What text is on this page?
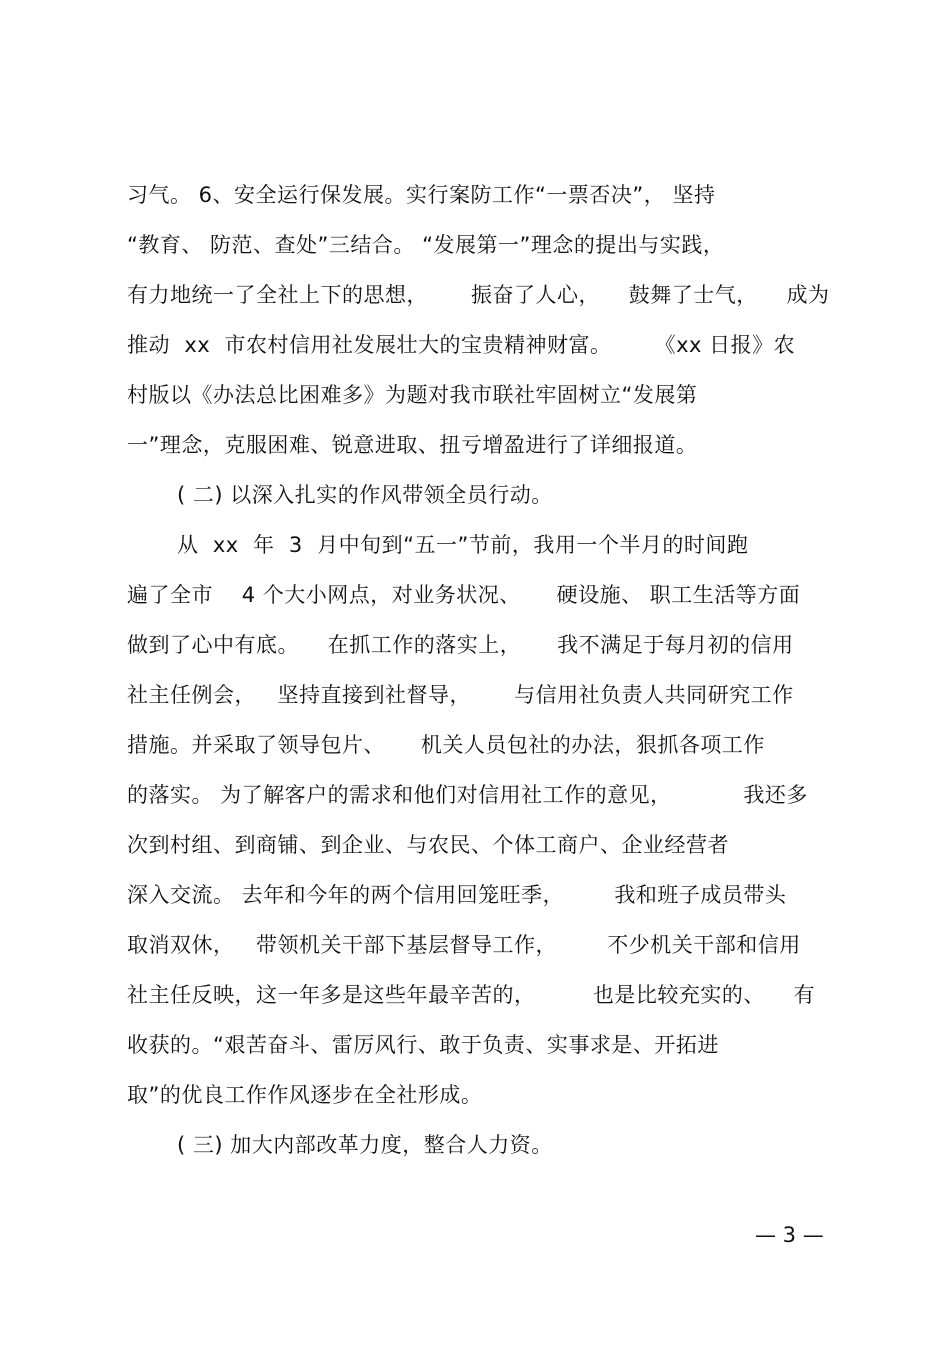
习气。 6、安全运行保发展。实行案防工作“一票否决”， 坚持
“教育、 防范、查处”三结合。 “发展第一”理念的提出与实践，
有力地统一了全社上下的思想，      振奋了人心，    鼓舞了士气，    成为
推动  xx  市农村信用社发展壮大的宝贵精神财富。      《xx 日报》农
村版以《办法总比困难多》为题对我市联社牢固树立“发展第
一”理念，克服困难、锐意进取、扭亏增盈进行了详细报道。
( 二) 以深入扎实的作风带领全员行动。
从  xx  年  3  月中旬到“五一”节前，我用一个半月的时间跑
遍了全市    4 个大小网点，对业务状况、     硬设施、 职工生活等方面
做到了心中有底。    在抓工作的落实上，     我不满足于每月初的信用
社主任例会，   坚持直接到社督导，      与信用社负责人共同研究工作
措施。并采取了领导包片、     机关人员包社的办法，狠抓各项工作
的落实。 为了解客户的需求和他们对信用社工作的意见，          我还多
次到村组、到商铺、到企业、与农民、个体工商户、企业经营者
深入交流。 去年和今年的两个信用回笼旺季，       我和班子成员带头
取消双休，   带领机关干部下基层督导工作，       不少机关干部和信用
社主任反映，这一年多是这些年最辛苦的，        也是比较充实的、    有
收获的。“艰苦奋斗、雷厉风行、敢于负责、实事求是、开拓进
取”的优良工作作风逐步在全社形成。
( 三) 加大内部改革力度，整合人力资。
— 3 —
